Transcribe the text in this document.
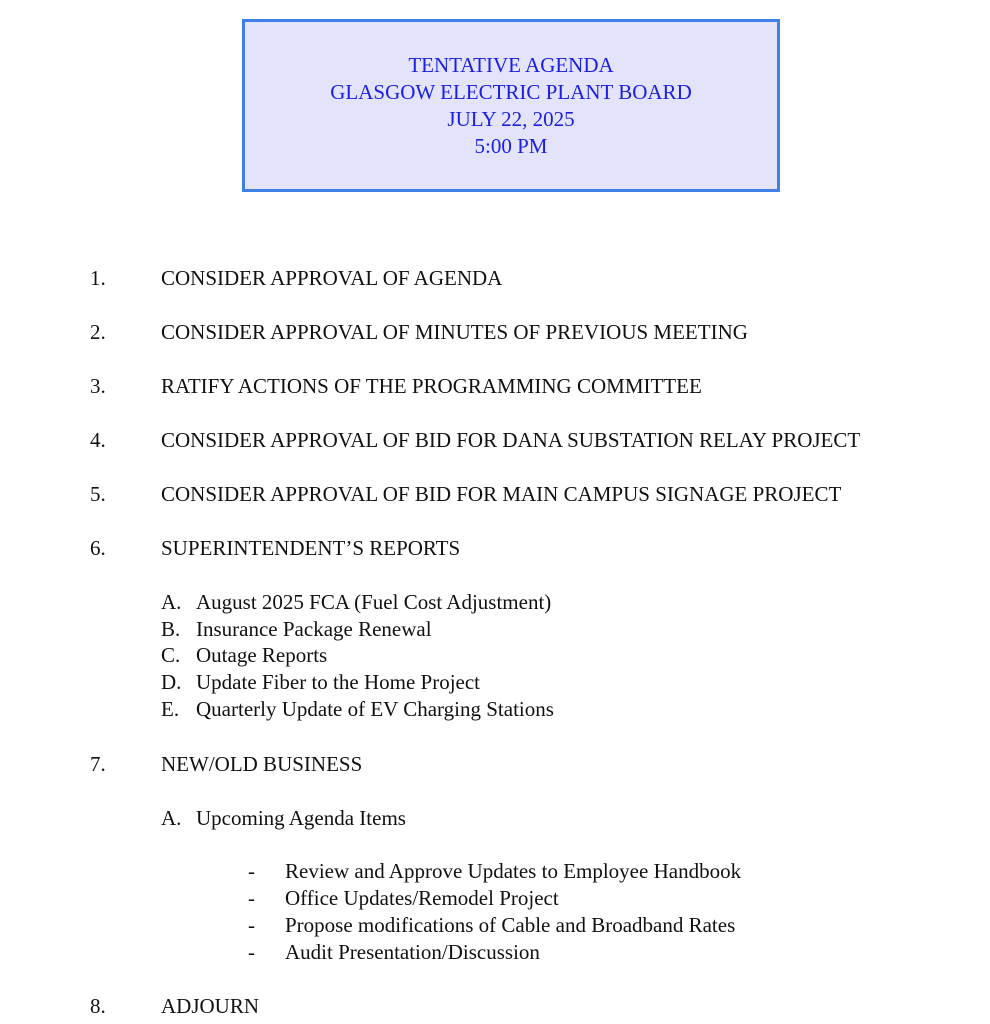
TENTATIVE AGENDA
GLASGOW ELECTRIC PLANT BOARD
JULY 22, 2025
5:00 PM
1.	CONSIDER APPROVAL OF AGENDA
2.	CONSIDER APPROVAL OF MINUTES OF PREVIOUS MEETING
3.	RATIFY ACTIONS OF THE PROGRAMMING COMMITTEE
4.	CONSIDER APPROVAL OF BID FOR DANA SUBSTATION RELAY PROJECT
5.	CONSIDER APPROVAL OF BID FOR MAIN CAMPUS SIGNAGE PROJECT
6.	SUPERINTENDENT’S REPORTS
A. August 2025 FCA (Fuel Cost Adjustment)
B. Insurance Package Renewal
C. Outage Reports
D. Update Fiber to the Home Project
E. Quarterly Update of EV Charging Stations
7.	NEW/OLD BUSINESS
A. Upcoming Agenda Items
- Review and Approve Updates to Employee Handbook
- Office Updates/Remodel Project
- Propose modifications of Cable and Broadband Rates
- Audit Presentation/Discussion
8.	ADJOURN
